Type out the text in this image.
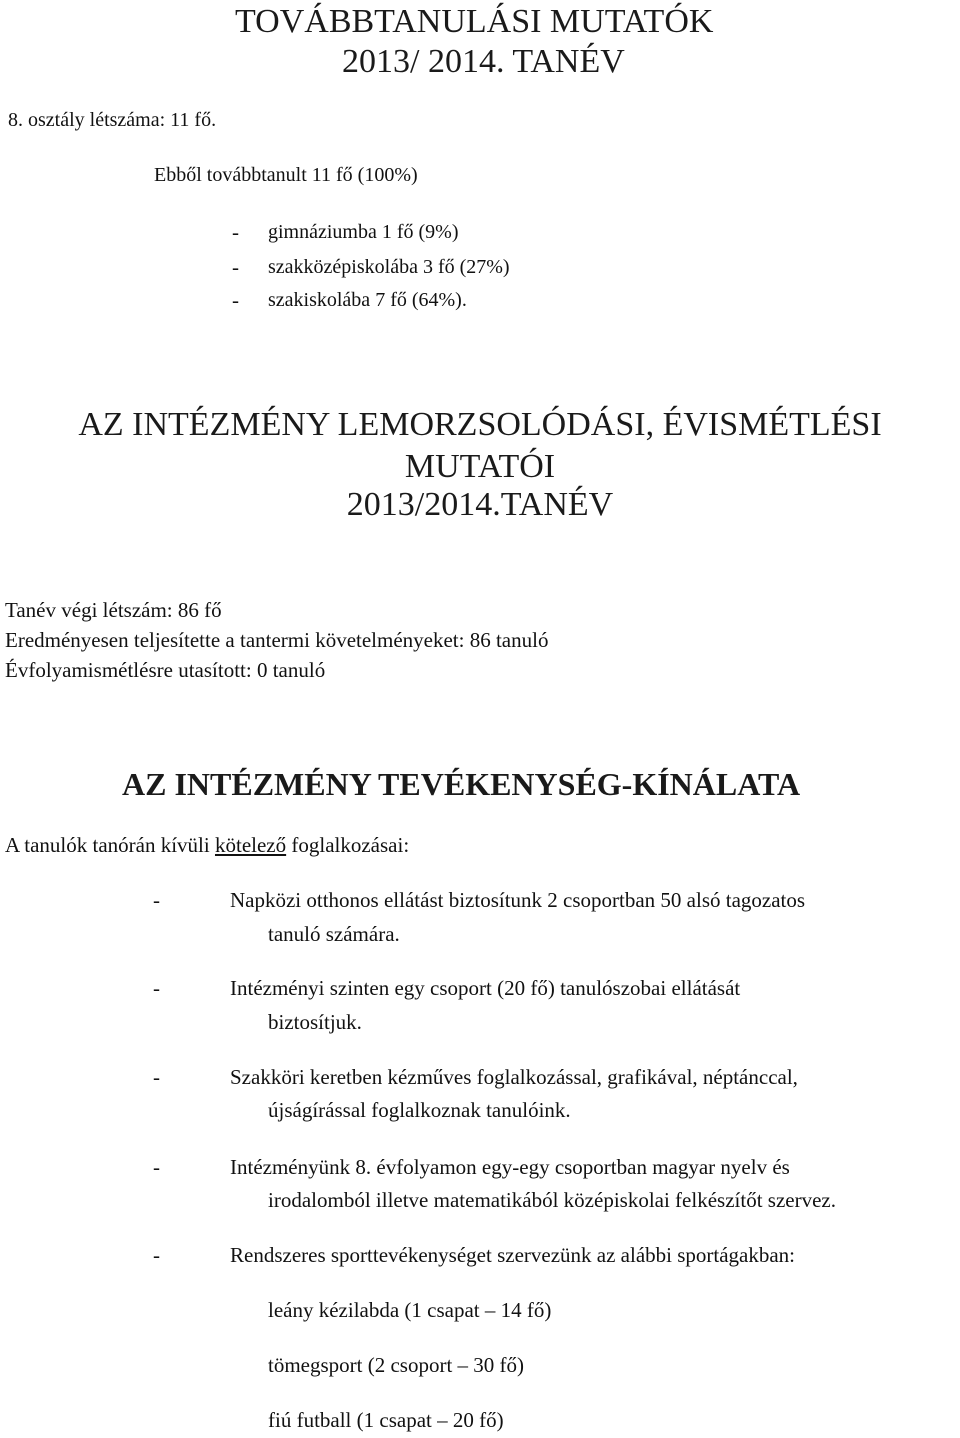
TOVÁBBTANULÁSI MUTATÓK
2013/ 2014. TANÉV
8. osztály létszáma: 11 fő.
Ebből továbbtanult 11 fő (100%)
- gimnáziumba 1 fő (9%)
- szakközépiskolába 3 fő (27%)
- szakiskolába 7 fő (64%).
AZ INTÉZMÉNY LEMORZSOLÓDÁSI, ÉVISMÉTLÉSI
MUTATÓI
2013/2014.TANÉV
Tanév végi létszám: 86 fő
Eredményesen teljesítette a tantermi követelményeket: 86 tanuló
Évfolyamismétlésre utasított: 0 tanuló
AZ INTÉZMÉNY TEVÉKENYSÉG-KÍNÁLATA
A tanulók tanórán kívüli kötelező foglalkozásai:
-	Napközi otthonos ellátást biztosítunk 2 csoportban 50 alsó tagozatos
tanuló számára.
-	Intézményi szinten egy csoport (20 fő) tanulószobai ellátását
biztosítjuk.
-	Szakköri keretben kézműves foglalkozással, grafikával, néptánccal,
újságírással foglalkoznak tanulóink.
-	Intézményünk 8. évfolyamon egy-egy csoportban magyar nyelv és
irodalomból illetve matematikából középiskolai felkészítőt szervez.
-	Rendszeres sporttevékenységet szervezünk az alábbi sportágakban:
leány kézilabda (1 csapat – 14 fő)
tömegsport (2 csoport – 30 fő)
fiú futball (1 csapat – 20 fő)
